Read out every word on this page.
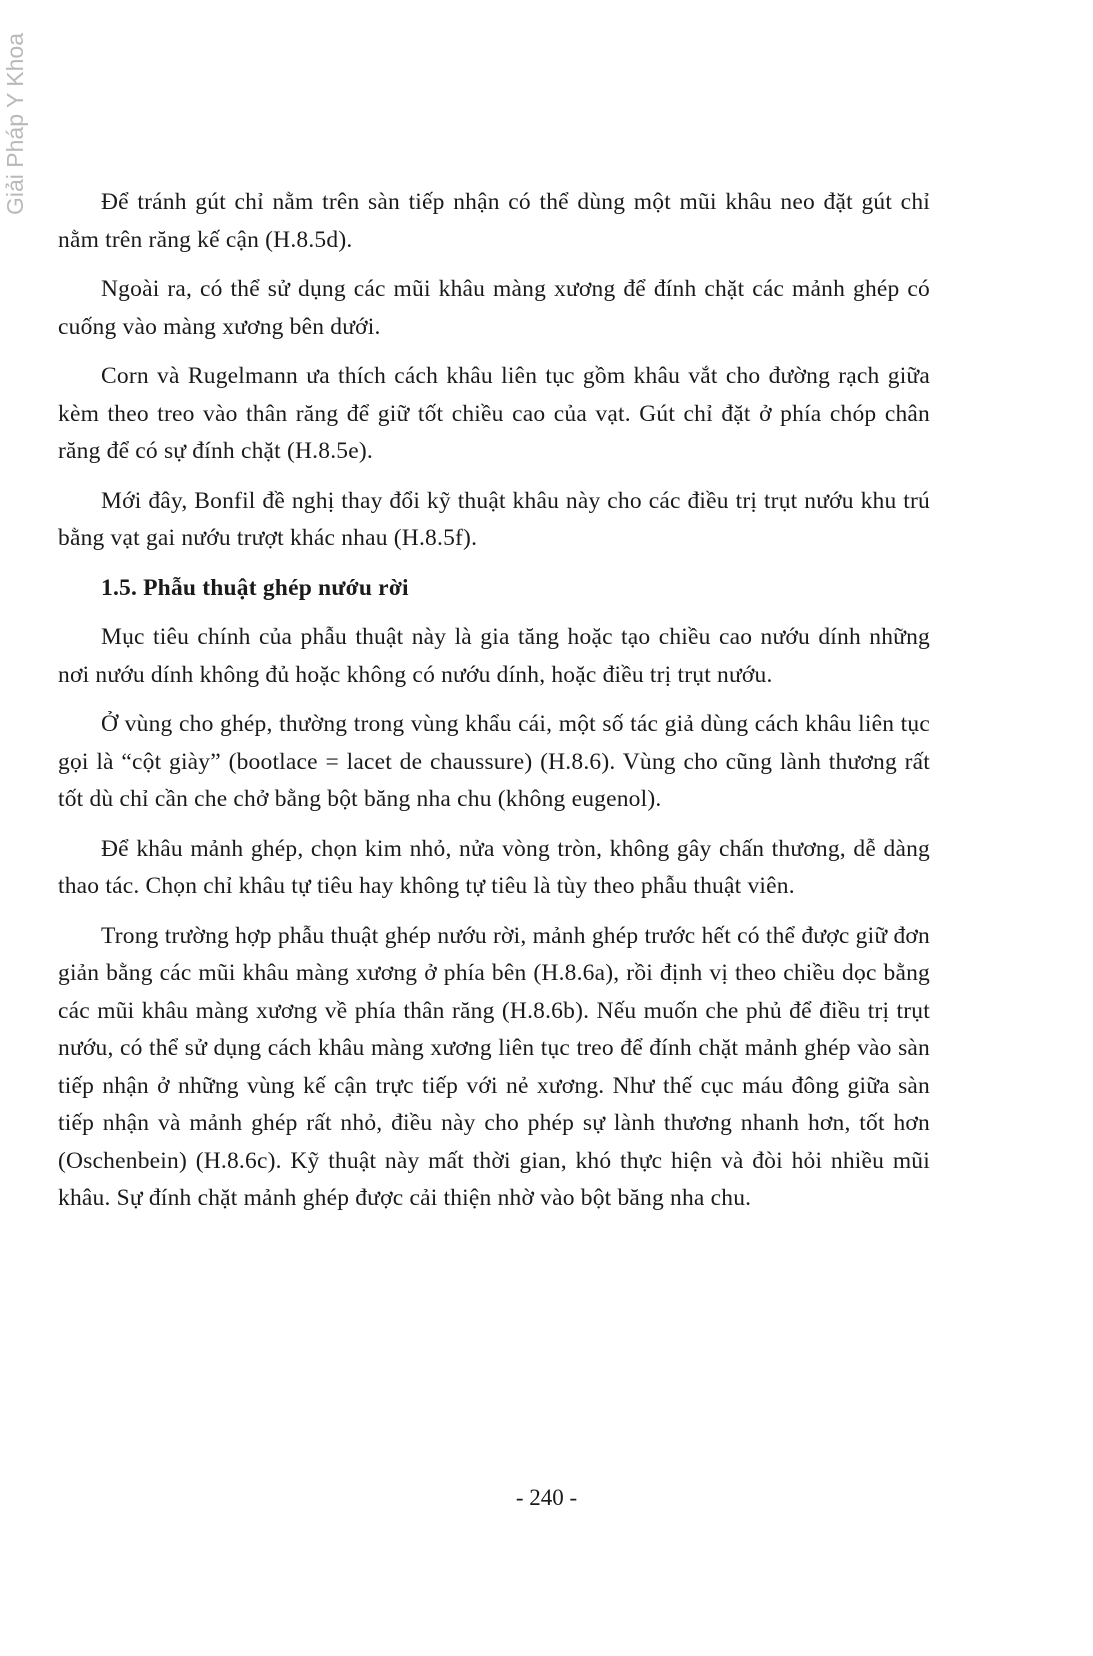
Giải Pháp Y Khoa	Để tránh gút chỉ nằm trên sàn tiếp nhận có thể dùng một mũi khâu neo đặt gút chỉ nằm trên răng kế cận (H.8.5d).

Ngoài ra, có thể sử dụng các mũi khâu màng xương để đính chặt các mảnh ghép có cuống vào màng xương bên dưới.

Corn và Rugelmann ưa thích cách khâu liên tục gồm khâu vắt cho đường rạch giữa kèm theo treo vào thân răng để giữ tốt chiều cao của vạt. Gút chỉ đặt ở phía chóp chân răng để có sự đính chặt (H.8.5e).

Mới đây, Bonfil đề nghị thay đổi kỹ thuật khâu này cho các điều trị trụt nướu khu trú bằng vạt gai nướu trượt khác nhau (H.8.5f).

1.5. Phẫu thuật ghép nướu rời

Mục tiêu chính của phẫu thuật này là gia tăng hoặc tạo chiều cao nướu dính những nơi nướu dính không đủ hoặc không có nướu dính, hoặc điều trị trụt nướu.

Ở vùng cho ghép, thường trong vùng khẩu cái, một số tác giả dùng cách khâu liên tục gọi là “cột giày” (bootlace = lacet de chaussure) (H.8.6). Vùng cho cũng lành thương rất tốt dù chỉ cần che chở bằng bột băng nha chu (không eugenol).

Để khâu mảnh ghép, chọn kim nhỏ, nửa vòng tròn, không gây chấn thương, dễ dàng thao tác. Chọn chỉ khâu tự tiêu hay không tự tiêu là tùy theo phẫu thuật viên.

Trong trường hợp phẫu thuật ghép nướu rời, mảnh ghép trước hết có thể được giữ đơn giản bằng các mũi khâu màng xương ở phía bên (H.8.6a), rồi định vị theo chiều dọc bằng các mũi khâu màng xương về phía thân răng (H.8.6b). Nếu muốn che phủ để điều trị trụt nướu, có thể sử dụng cách khâu màng xương liên tục treo để đính chặt mảnh ghép vào sàn tiếp nhận ở những vùng kế cận trực tiếp với nẻ xương. Như thế cục máu đông giữa sàn tiếp nhận và mảnh ghép rất nhỏ, điều này cho phép sự lành thương nhanh hơn, tốt hơn (Oschenbein) (H.8.6c). Kỹ thuật này mất thời gian, khó thực hiện và đòi hỏi nhiều mũi khâu. Sự đính chặt mảnh ghép được cải thiện nhờ vào bột băng nha chu.

- 240 -
